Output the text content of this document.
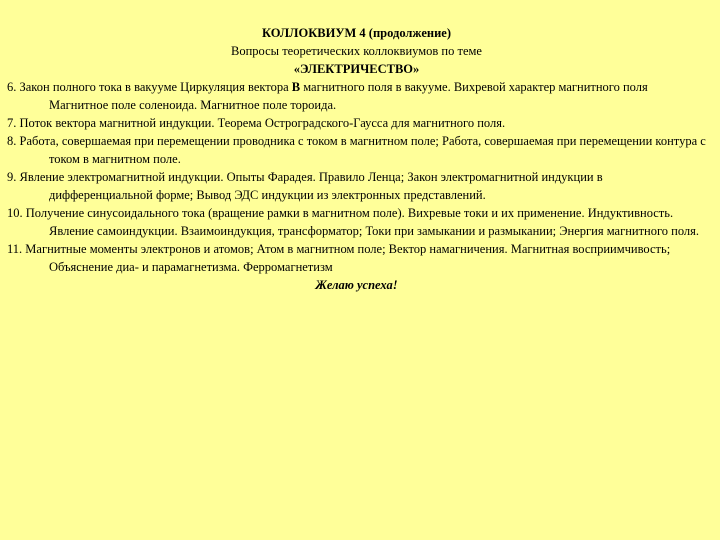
КОЛЛОКВИУМ 4 (продолжение)
Вопросы теоретических коллоквиумов по теме
«ЭЛЕКТРИЧЕСТВО»
6. Закон полного тока в вакууме Циркуляция вектора В магнитного поля в вакууме. Вихревой характер магнитного поля Магнитное поле соленоида. Магнитное поле тороида.
7. Поток вектора магнитной индукции. Теорема Остроградского-Гаусса для магнитного поля.
8. Работа, совершаемая при перемещении проводника с током в магнитном поле; Работа, совершаемая при перемещении контура с током в магнитном поле.
9. Явление электромагнитной индукции. Опыты Фарадея. Правило Ленца; Закон электромагнитной индукции в дифференциальной форме; Вывод ЭДС индукции из электронных представлений.
10. Получение синусоидального тока (вращение рамки в магнитном поле). Вихревые токи и их применение. Индуктивность. Явление самоиндукции. Взаимоиндукция, трансформатор; Токи при замыкании и размыкании; Энергия магнитного поля.
11. Магнитные моменты электронов и атомов; Атом в магнитном поле; Вектор намагничения. Магнитная восприимчивость; Объяснение диа- и парамагнетизма. Ферромагнетизм
Желаю успеха!
